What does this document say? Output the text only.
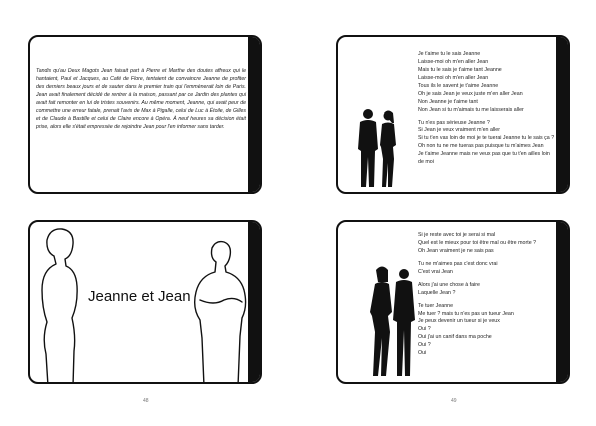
Tandis qu'au Deux Magots Jean faisait part à Pierre et Marthe des doutes affreux qui le hantaient, Paul et Jacques, au Café de Flore, tentaient de convaincre Jeanne de profiter des derniers beaux jours et de sauter dans le premier train qui l'emmènerait loin de Paris. Jean avait finalement décidé de rentrer à la maison, passant par ce Jardin des plantes qui avait fait remonter en lui de tristes souvenirs. Au même moment, Jeanne, qui avait peur de commettre une erreur fatale, prenait l'avis de Max à Pigalle, celui de Luc à Étoile, de Gilles et de Claude à Bastille et celui de Claire encore à Opéra. À neuf heures sa décision était prise, alors elle s'était empressée de rejoindre Jean pour l'en informer sans tarder.

Je t'aime tu le sais Jeanne
Laisse-moi oh m'en aller Jean
Mais tu le sais je t'aime tant Jeanne
Laisse-moi oh m'en aller Jean
Tous ils le savent je t'aime Jeanne
Oh je sais Jean je veux juste m'en aller Jean
Non Jeanne je t'aime tant
Non Jean si tu m'aimais tu me laisserais aller
Tu n'es pas sérieuse Jeanne ?
Si Jean je veux vraiment m'en aller
Si tu t'en vas loin de moi je te tuerai Jeanne tu le sais ça ?
Oh non tu ne me tueras pas puisque tu m'aimes Jean
Je t'aime Jeanne mais ne veux pas que tu t'en ailles loin de moi
Jeanne et Jean
Si je reste avec toi je serai si mal
Quel est le mieux pour toi être mal ou être morte ?
Oh Jean vraiment je ne sais pas
Tu ne m'aimes pas c'est donc vrai
C'est vrai Jean
Alors j'ai une chose à faire
Laquelle Jean ?
Te tuer Jeanne
Me tuer ? mais tu n'es pas un tueur Jean
Je peux devenir un tueur si je veux
Oui ?
Oui j'ai un canif dans ma poche
Oui ?
Oui
48	49
